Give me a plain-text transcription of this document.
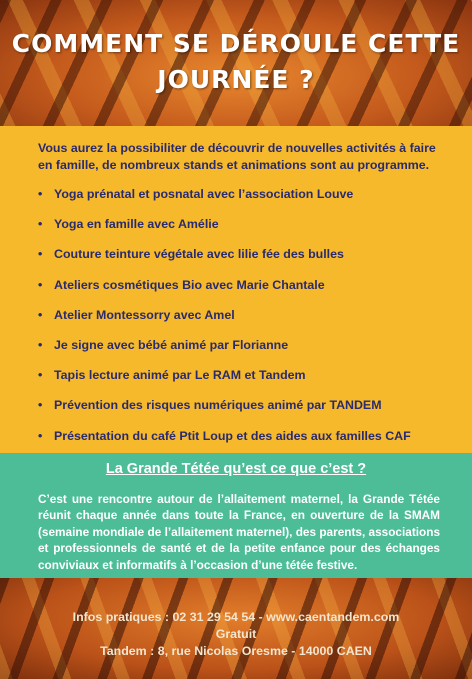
COMMENT SE DÉROULE CETTE
JOURNÉE ?

Vous aurez la possibiliter de découvrir de nouvelles activités à faire en famille, de nombreux stands et animations sont au programme.

• Yoga prénatal et posnatal avec l’association Louve
• Yoga en famille avec Amélie
• Couture teinture végétale avec lilie fée des bulles
• Ateliers cosmétiques Bio avec Marie Chantale
• Atelier Montessorry avec Amel
• Je signe avec bébé animé par Florianne
• Tapis lecture animé par Le RAM et Tandem
• Prévention des risques numériques animé par TANDEM
• Présentation du café Ptit Loup et des aides aux familles CAF
La Grande Tétée qu’est ce que c’est ?

C’est une rencontre autour de l’allaitement maternel, la Grande Tétée réunit chaque année dans toute la France, en ouverture de la SMAM (semaine mondiale de l’allaitement maternel), des parents, associations et professionnels de santé et de la petite enfance pour des échanges conviviaux et informatifs à l’occasion d’une tétée festive.

Infos pratiques : 02 31 29 54 54 - www.caentandem.com
Gratuit
Tandem : 8, rue Nicolas Oresme - 14000 CAEN
